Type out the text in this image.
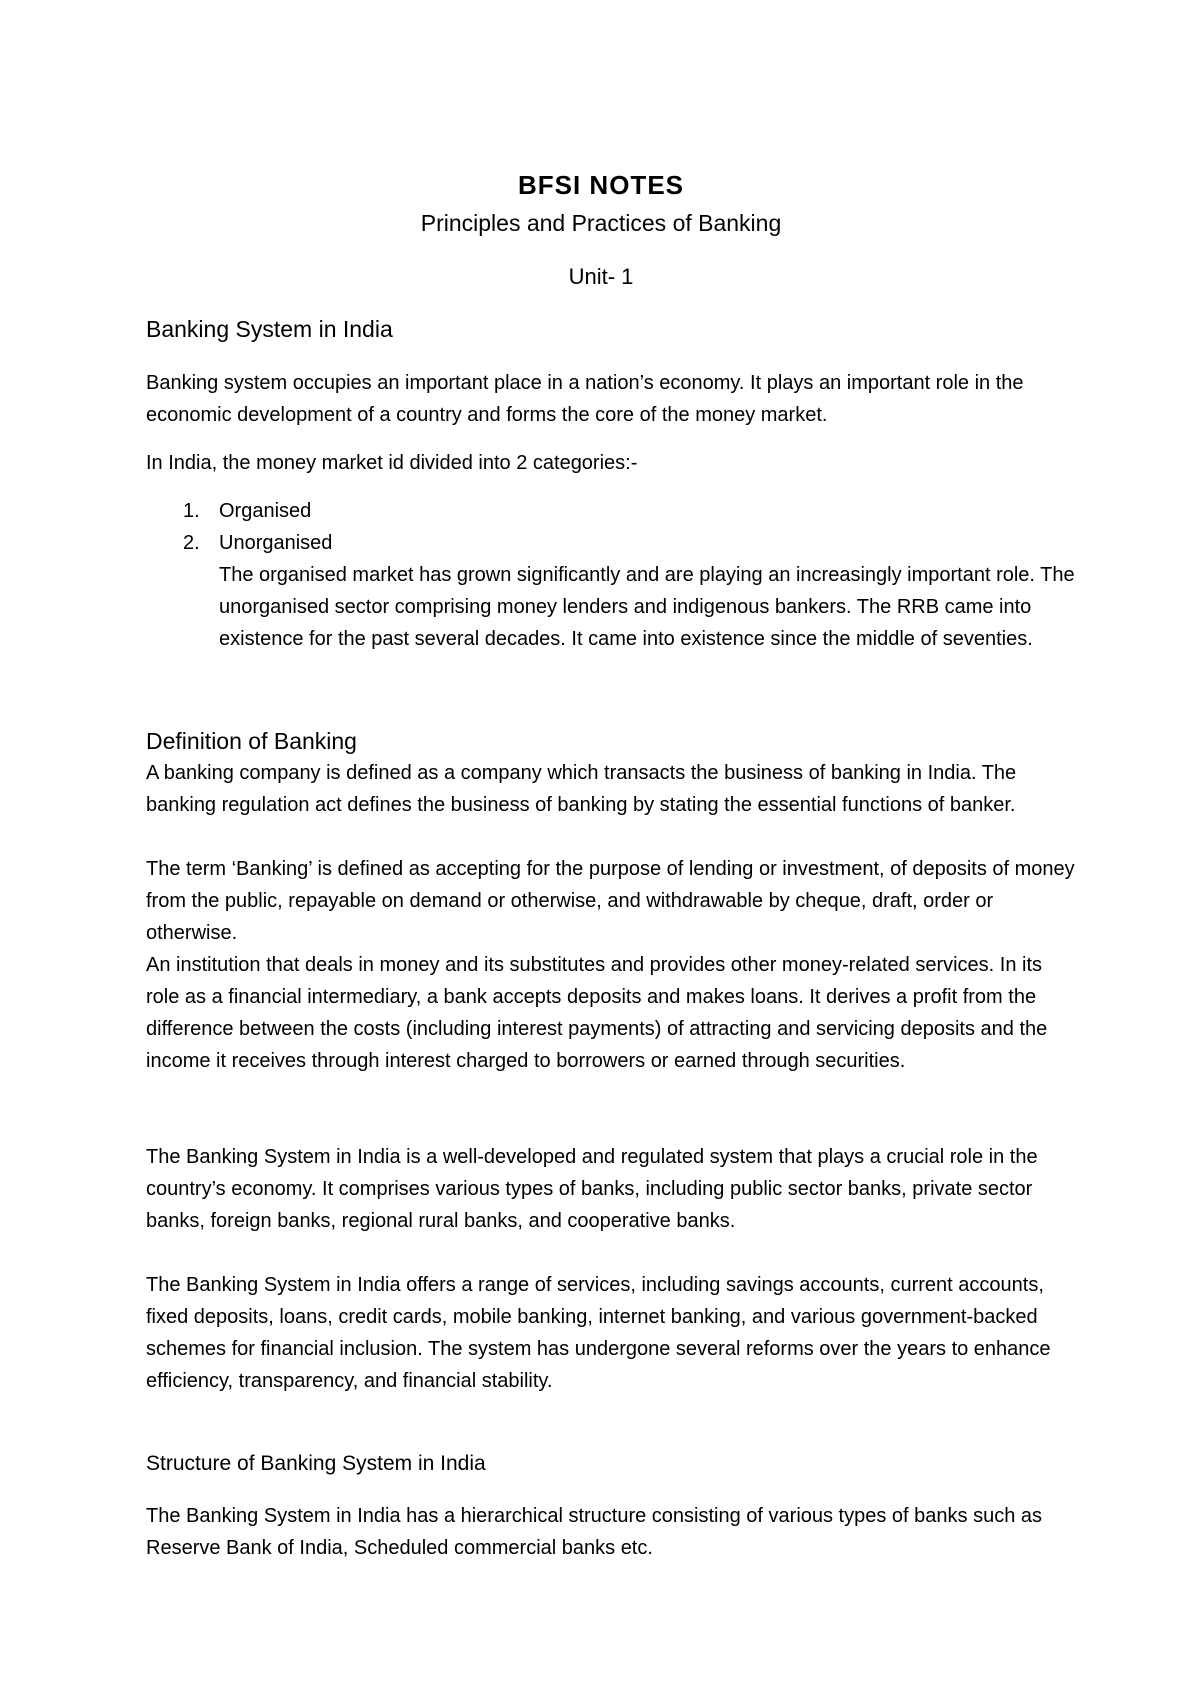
BFSI NOTES
Principles and Practices of Banking
Unit- 1
Banking System in India

Banking system occupies an important place in a nation’s economy. It plays an important role in the economic development of a country and forms the core of the money market.

In India, the money market id divided into 2 categories:-

1. Organised
2. Unorganised
The organised market has grown significantly and are playing an increasingly important role. The unorganised sector comprising money lenders and indigenous bankers. The RRB came into existence for the past several decades. It came into existence since the middle of seventies.
Definition of Banking

A banking company is defined as a company which transacts the business of banking in India. The banking regulation act defines the business of banking by stating the essential functions of banker.

The term ‘Banking’ is defined as accepting for the purpose of lending or investment, of deposits of money from the public, repayable on demand or otherwise, and withdrawable by cheque, draft, order or otherwise.

An institution that deals in money and its substitutes and provides other money-related services. In its role as a financial intermediary, a bank accepts deposits and makes loans. It derives a profit from the difference between the costs (including interest payments) of attracting and servicing deposits and the income it receives through interest charged to borrowers or earned through securities.

The Banking System in India is a well-developed and regulated system that plays a crucial role in the country’s economy. It comprises various types of banks, including public sector banks, private sector banks, foreign banks, regional rural banks, and cooperative banks.

The Banking System in India offers a range of services, including savings accounts, current accounts, fixed deposits, loans, credit cards, mobile banking, internet banking, and various government-backed schemes for financial inclusion. The system has undergone several reforms over the years to enhance efficiency, transparency, and financial stability.

Structure of Banking System in India

The Banking System in India has a hierarchical structure consisting of various types of banks such as Reserve Bank of India, Scheduled commercial banks etc.
